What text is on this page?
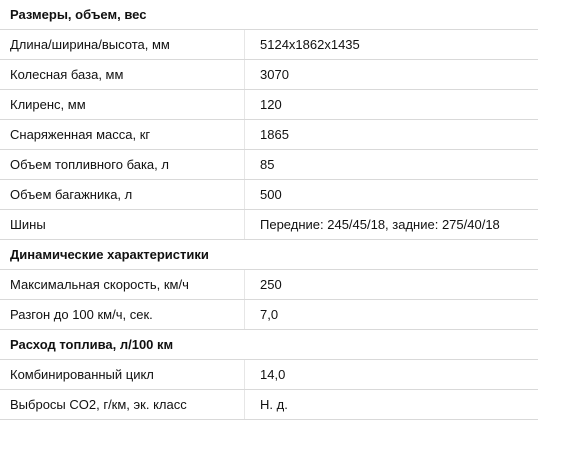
Размеры, объем, вес
Длина/ширина/высота, мм	5124x1862x1435
Колесная база, мм	3070
Клиренс, мм	120
Снаряженная масса, кг	1865
Объем топливного бака, л	85
Объем багажника, л	500
Шины	Передние: 245/45/18, задние: 275/40/18
Динамические характеристики
Максимальная скорость, км/ч	250
Разгон до 100 км/ч, сек.	7,0
Расход топлива, л/100 км
Комбинированный цикл	14,0
Выбросы CO2, г/км, эк. класс	Н. д.
